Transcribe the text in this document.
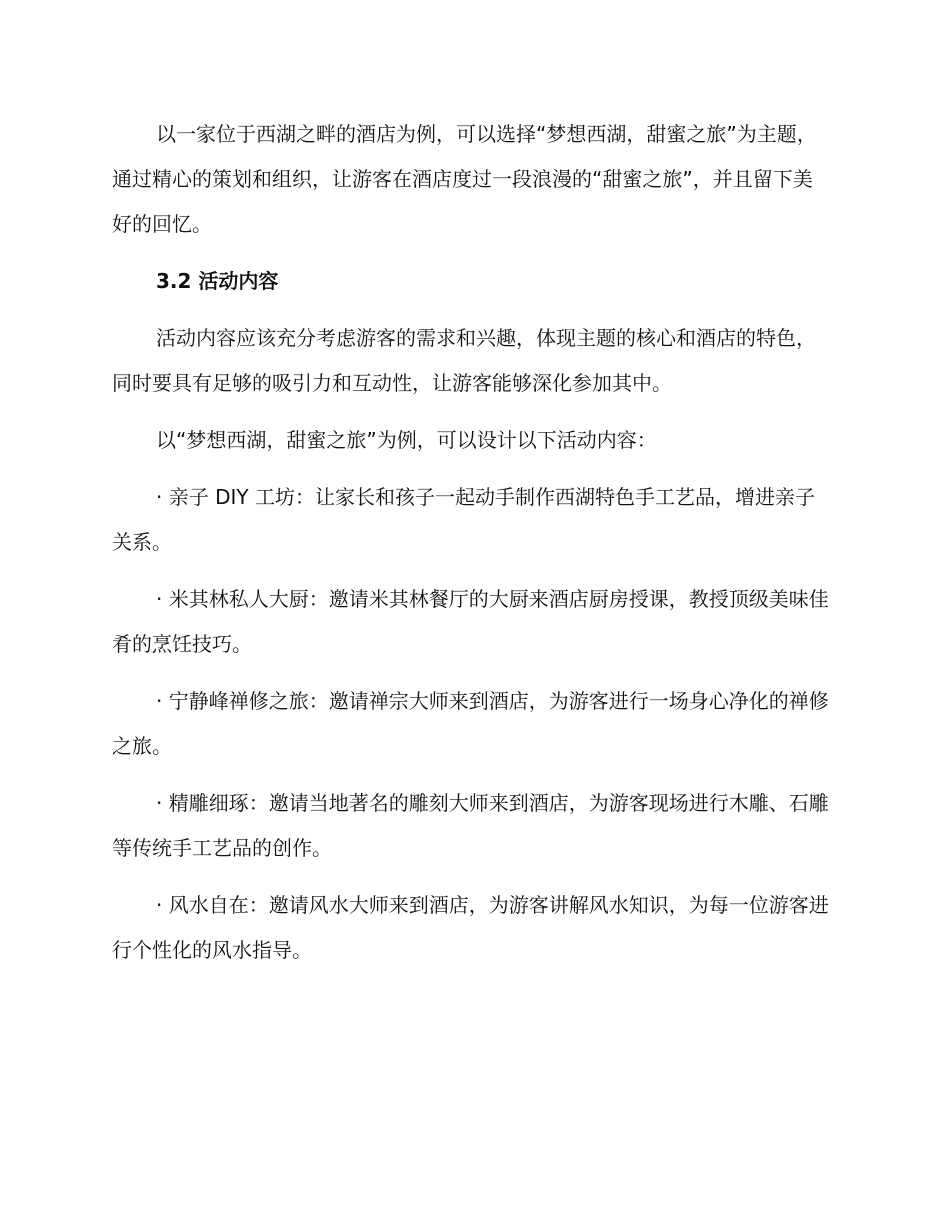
以一家位于西湖之畔的酒店为例，可以选择“梦想西湖，甜蜜之旅”为主题，通过精心的策划和组织，让游客在酒店度过一段浪漫的“甜蜜之旅”，并且留下美好的回忆。

3.2 活动内容

活动内容应该充分考虑游客的需求和兴趣，体现主题的核心和酒店的特色，同时要具有足够的吸引力和互动性，让游客能够深化参加其中。

以“梦想西湖，甜蜜之旅”为例，可以设计以下活动内容：

· 亲子 DIY 工坊：让家长和孩子一起动手制作西湖特色手工艺品，增进亲子关系。

· 米其林私人大厨：邀请米其林餐厅的大厨来酒店厨房授课，教授顶级美味佳肴的烹饪技巧。

· 宁静峰禅修之旅：邀请禅宗大师来到酒店，为游客进行一场身心净化的禅修之旅。

· 精雕细琢：邀请当地著名的雕刻大师来到酒店，为游客现场进行木雕、石雕等传统手工艺品的创作。

· 风水自在：邀请风水大师来到酒店，为游客讲解风水知识，为每一位游客进行个性化的风水指导。
